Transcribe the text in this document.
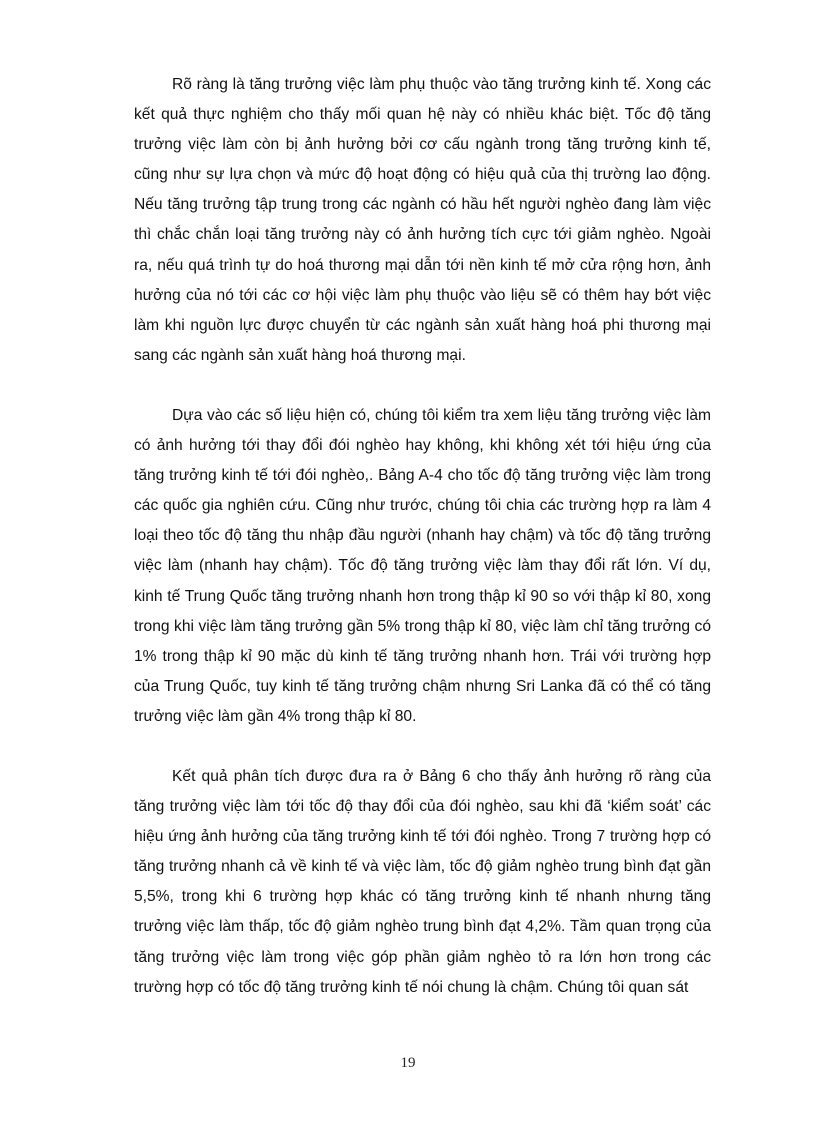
Rõ ràng là tăng trưởng việc làm phụ thuộc vào tăng trưởng kinh tế. Xong các kết quả thực nghiệm cho thấy mối quan hệ này có nhiều khác biệt. Tốc độ tăng trưởng việc làm còn bị ảnh hưởng bởi cơ cấu ngành trong tăng trưởng kinh tế, cũng như sự lựa chọn và mức độ hoạt động có hiệu quả của thị trường lao động. Nếu tăng trưởng tập trung trong các ngành có hầu hết người nghèo đang làm việc thì chắc chắn loại tăng trưởng này có ảnh hưởng tích cực tới giảm nghèo. Ngoài ra, nếu quá trình tự do hoá thương mại dẫn tới nền kinh tế mở cửa rộng hơn, ảnh hưởng của nó tới các cơ hội việc làm phụ thuộc vào liệu sẽ có thêm hay bớt việc làm khi nguồn lực được chuyển từ các ngành sản xuất hàng hoá phi thương mại sang các ngành sản xuất hàng hoá thương mại.

Dựa vào các số liệu hiện có, chúng tôi kiểm tra xem liệu tăng trưởng việc làm có ảnh hưởng tới thay đổi đói nghèo hay không, khi không xét tới hiệu ứng của tăng trưởng kinh tế tới đói nghèo,. Bảng A-4 cho tốc độ tăng trưởng việc làm trong các quốc gia nghiên cứu. Cũng như trước, chúng tôi chia các trường hợp ra làm 4 loại theo tốc độ tăng thu nhập đầu người (nhanh hay chậm) và tốc độ tăng trưởng việc làm (nhanh hay chậm). Tốc độ tăng trưởng việc làm thay đổi rất lớn. Ví dụ, kinh tế Trung Quốc tăng trưởng nhanh hơn trong thập kỉ 90 so với thập kỉ 80, xong trong khi việc làm tăng trưởng gần 5% trong thập kỉ 80, việc làm chỉ tăng trưởng có 1% trong thập kỉ 90 mặc dù kinh tế tăng trưởng nhanh hơn. Trái với trường hợp của Trung Quốc, tuy kinh tế tăng trưởng chậm nhưng Sri Lanka đã có thể có tăng trưởng việc làm gần 4% trong thập kỉ 80.

Kết quả phân tích được đưa ra ở Bảng 6 cho thấy ảnh hưởng rõ ràng của tăng trưởng việc làm tới tốc độ thay đổi của đói nghèo, sau khi đã ‘kiểm soát’ các hiệu ứng ảnh hưởng của tăng trưởng kinh tế tới đói nghèo. Trong 7 trường hợp có tăng trưởng nhanh cả về kinh tế và việc làm, tốc độ giảm nghèo trung bình đạt gần 5,5%, trong khi 6 trường hợp khác có tăng trưởng kinh tế nhanh nhưng tăng trưởng việc làm thấp, tốc độ giảm nghèo trung bình đạt 4,2%. Tầm quan trọng của tăng trưởng việc làm trong việc góp phần giảm nghèo tỏ ra lớn hơn trong các trường hợp có tốc độ tăng trưởng kinh tế nói chung là chậm. Chúng tôi quan sát

19
